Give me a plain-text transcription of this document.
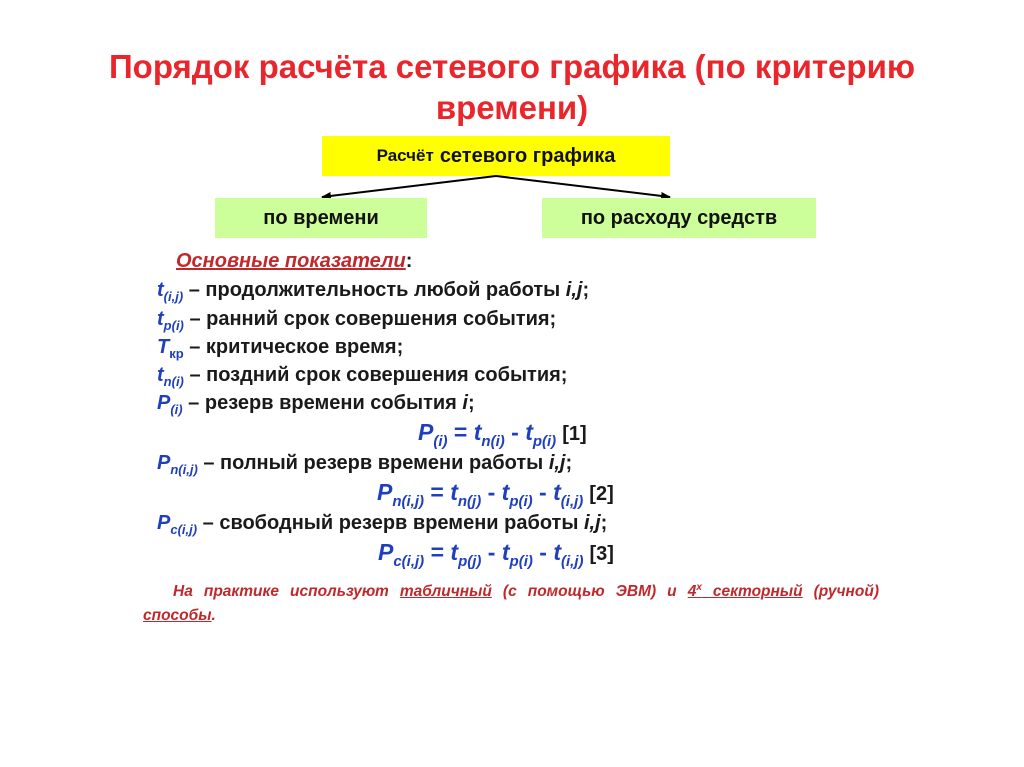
Порядок расчёта сетевого графика (по критерию времени)
Расчёт сетевого графика
по времени	по расходу средств
Основные показатели:
$t_{(i,j)}$ – продолжительность любой работы i,j;
$t_{p(i)}$ – ранний срок совершения события;
$T_{кр}$ – критическое время;
$t_{n(i)}$ – поздний срок совершения события;
$P_{(i)}$ – резерв времени события i;
$P_{(i)} = t_{n(i)} - t_{p(i)}$ [1]
$P_{n(i,j)}$ – полный резерв времени работы i,j;
$P_{n(i,j)} = t_{n(j)} - t_{p(i)} - t_{(i,j)}$ [2]
$P_{c(i,j)}$ – свободный резерв времени работы i,j;
$P_{c(i,j)} = t_{p(j)} - t_{p(i)} - t_{(i,j)}$ [3]
На практике используют табличный (с помощью ЭВМ) и $4^х$ секторный (ручной) способы.
